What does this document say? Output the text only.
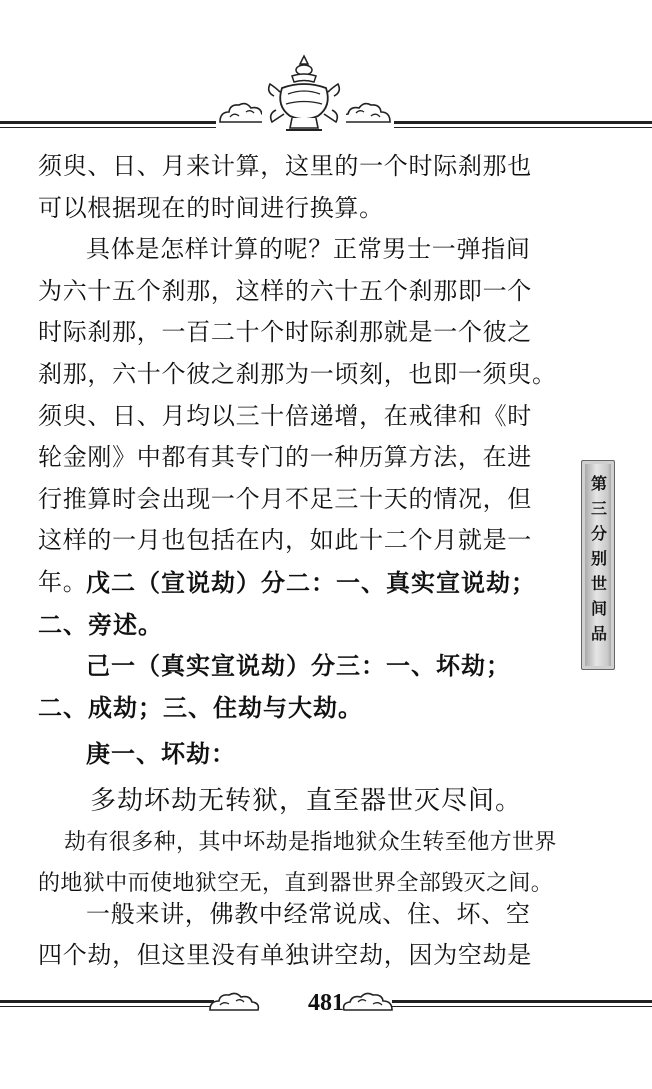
须臾、日、月来计算，这里的一个时际刹那也

可以根据现在的时间进行换算。

具体是怎样计算的呢？正常男士一弹指间

为六十五个刹那，这样的六十五个刹那即一个

时际刹那，一百二十个时际刹那就是一个彼之

刹那，六十个彼之刹那为一顷刻，也即一须臾。

须臾、日、月均以三十倍递增，在戒律和《时

轮金刚》中都有其专门的一种历算方法，在进

行推算时会出现一个月不足三十天的情况，但

这样的一月也包括在内，如此十二个月就是一

年。

戊二（宣说劫）分二：一、真实宣说劫；
二、旁述。
己一（真实宣说劫）分三：一、坏劫；
二、成劫；三、住劫与大劫。
庚一、坏劫：
多劫坏劫无转狱，直至器世灭尽间。

劫有很多种，其中坏劫是指地狱众生转至他方世界

的地狱中而使地狱空无，直到器世界全部毁灭之间。

一般来讲，佛教中经常说成、住、坏、空

四个劫，但这里没有单独讲空劫，因为空劫是

第三分别世间品
481
